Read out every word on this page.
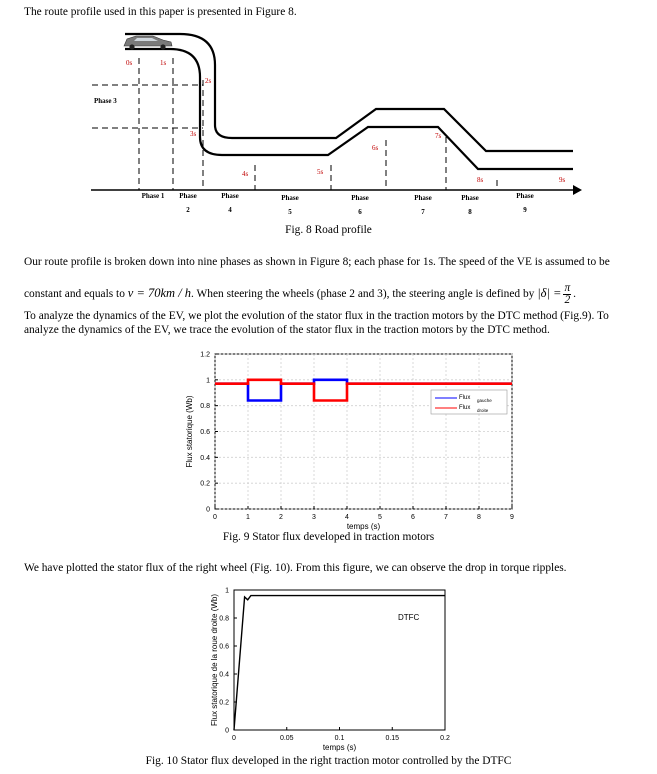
The route profile used in this paper is presented in Figure 8.
0s	1s
2s
3s
4s	5s
6s
7s
8s	9s
Phase 3
Phase 1 Phase
2
Phase
4
Phase
5
Phase
6
Phase
7
Phase
8
Phase
9
Fig. 8 Road profile
Our route profile is broken down into nine phases as shown in Figure 8; each phase for 1s. The speed of the VE is assumed to be
constant and equals to v = 70km / h. When steering the wheels (phase 2 and 3), the steering angle is defined by $|\delta| = \frac{\pi}{2}$ .
To analyze the dynamics of the EV, we plot the evolution of the stator flux in the traction motors by the DTC method (Fig.9). To
analyze the dynamics of the EV, we trace the evolution of the stator flux in the traction motors by the DTC method.
0	1	2	3	4	5	6	7	8	9
0
0.2
0.4
0.6
0.8
1
1.2
temps (s)
Flux statorique (Wb)	Flux gauche
Flux droite
Fig. 9 Stator flux developed in traction motors
We have plotted the stator flux of the right wheel (Fig. 10). From this figure, we can observe the drop in torque ripples.
0	0.05	0.1	0.15	0.2
0
0.2
0.4
0.6
0.8
1
temps (s)
Flux statorique de la roue droite (Wb)	DTFC
Fig. 10 Stator flux developed in the right traction motor controlled by the DTFC
